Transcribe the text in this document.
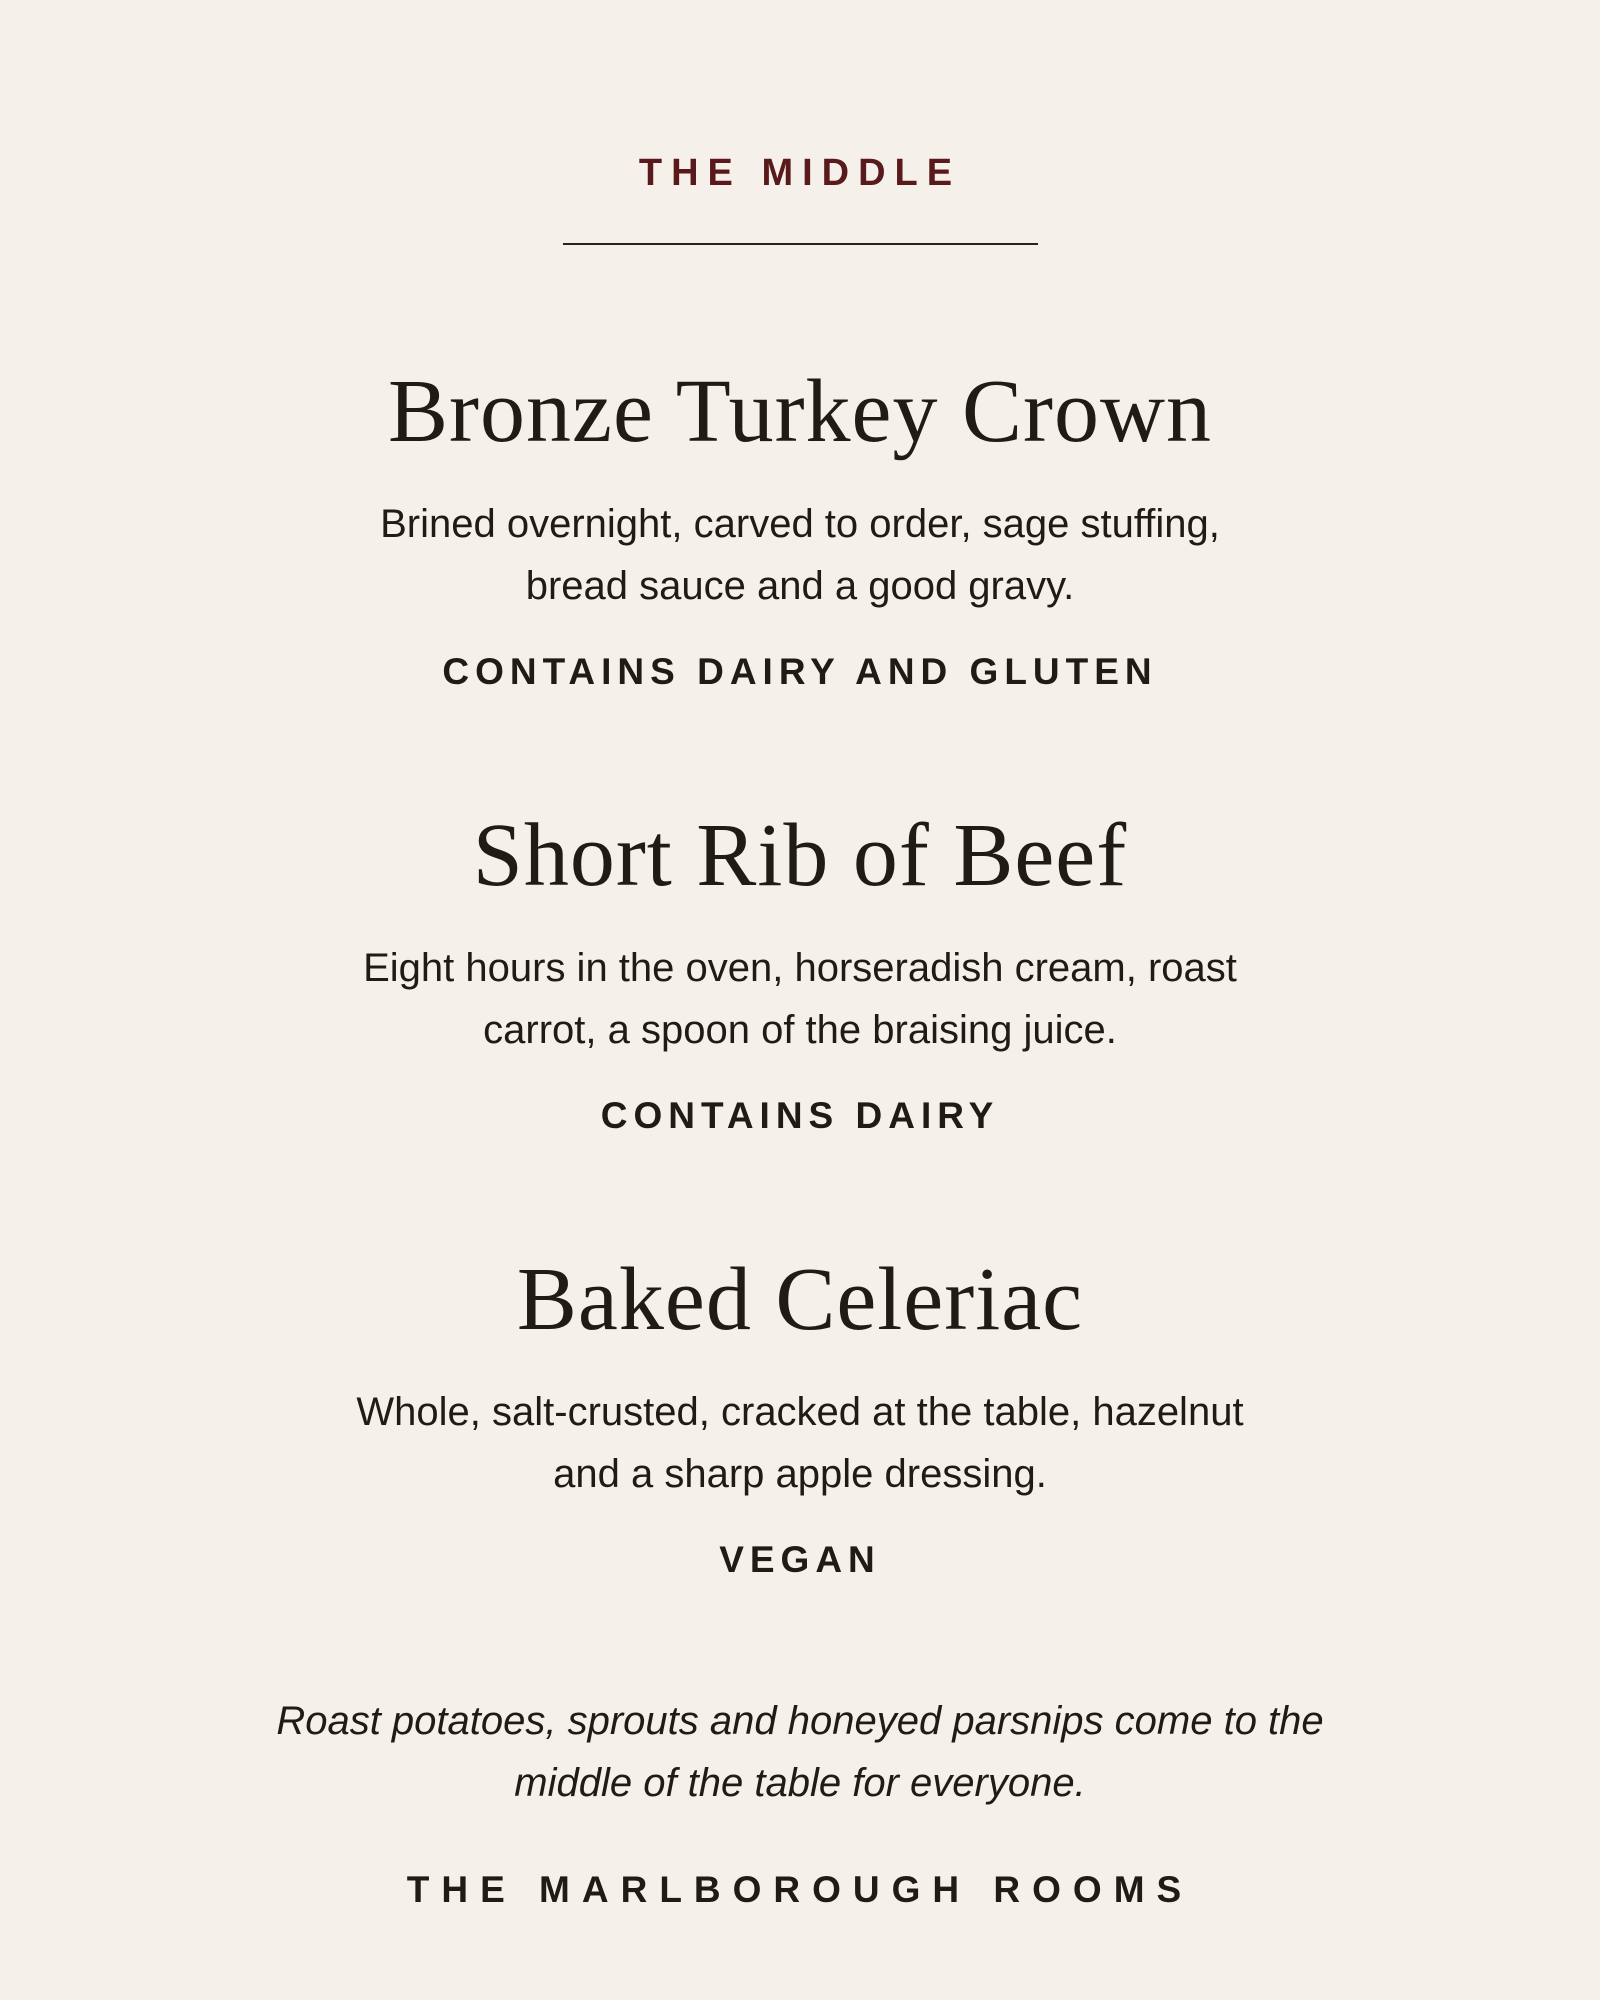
THE MIDDLE
Bronze Turkey Crown
Brined overnight, carved to order, sage stuffing,
bread sauce and a good gravy.
CONTAINS DAIRY AND GLUTEN
Short Rib of Beef
Eight hours in the oven, horseradish cream, roast
carrot, a spoon of the braising juice.
CONTAINS DAIRY
Baked Celeriac
Whole, salt-crusted, cracked at the table, hazelnut
and a sharp apple dressing.
VEGAN
Roast potatoes, sprouts and honeyed parsnips come to the
middle of the table for everyone.
THE MARLBOROUGH ROOMS
